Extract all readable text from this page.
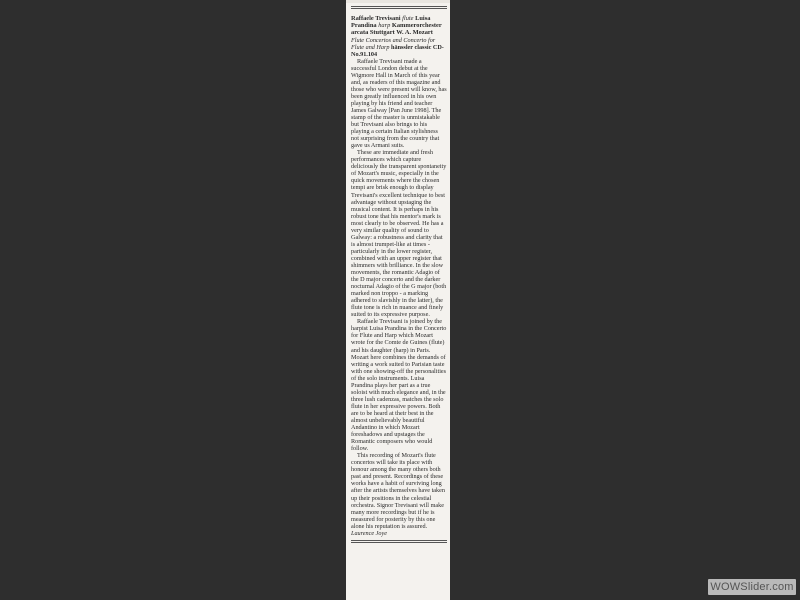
Raffaele Trevisani flute Luisa Prandina harp Kammerorchester arcata Stuttgart W. A. Mozart
Flute Concertos and Concerto for Flute and Harp hänssler classic CD-No.91.104

Raffaele Trevisani made a successful London debut at the Wigmore Hall in March of this year and, as readers of this magazine and those who were present will know, has been greatly influenced in his own playing by his friend and teacher James Galway [Pan June 1998]. The stamp of the master is unmistakable but Trevisani also brings to his playing a certain Italian stylishness not surprising from the country that gave us Armani suits.

These are immediate and fresh performances which capture deliciously the transparent spontaneity of Mozart's music, especially in the quick movements where the chosen tempi are brisk enough to display Trevisani's excellent technique to best advantage without upstaging the musical content. It is perhaps in his robust tone that his mentor's mark is most clearly to be observed. He has a very similar quality of sound to Galway: a robustness and clarity that is almost trumpet-like at times - particularly in the lower register, combined with an upper register that shimmers with brilliance. In the slow movements, the romantic Adagio of the D major concerto and the darker nocturnal Adagio of the G major (both marked non troppo - a marking adhered to slavishly in the latter), the flute tone is rich in nuance and finely suited to its expressive purpose.

Raffaele Trevisani is joined by the harpist Luisa Prandina in the Concerto for Flute and Harp which Mozart wrote for the Comte de Guines (flute) and his daughter (harp) in Paris. Mozart here combines the demands of writing a work suited to Parisian taste with one showing-off the personalities of the solo instruments. Luisa Prandina plays her part as a true soloist with much elegance and, in the three lush cadenzas, matches the solo flute in her expressive powers. Both are to be heard at their best in the almost unbelievably beautiful Andantino in which Mozart foreshadows and upstages the Romantic composers who would follow.

This recording of Mozart's flute concertos will take its place with honour among the many others both past and present. Recordings of these works have a habit of surviving long after the artists themselves have taken up their positions in the celestial orchestra. Signor Trevisani will make many more recordings but if he is measured for posterity by this one alone his reputation is assured.

Laurence Joye
WOWSlider.com
